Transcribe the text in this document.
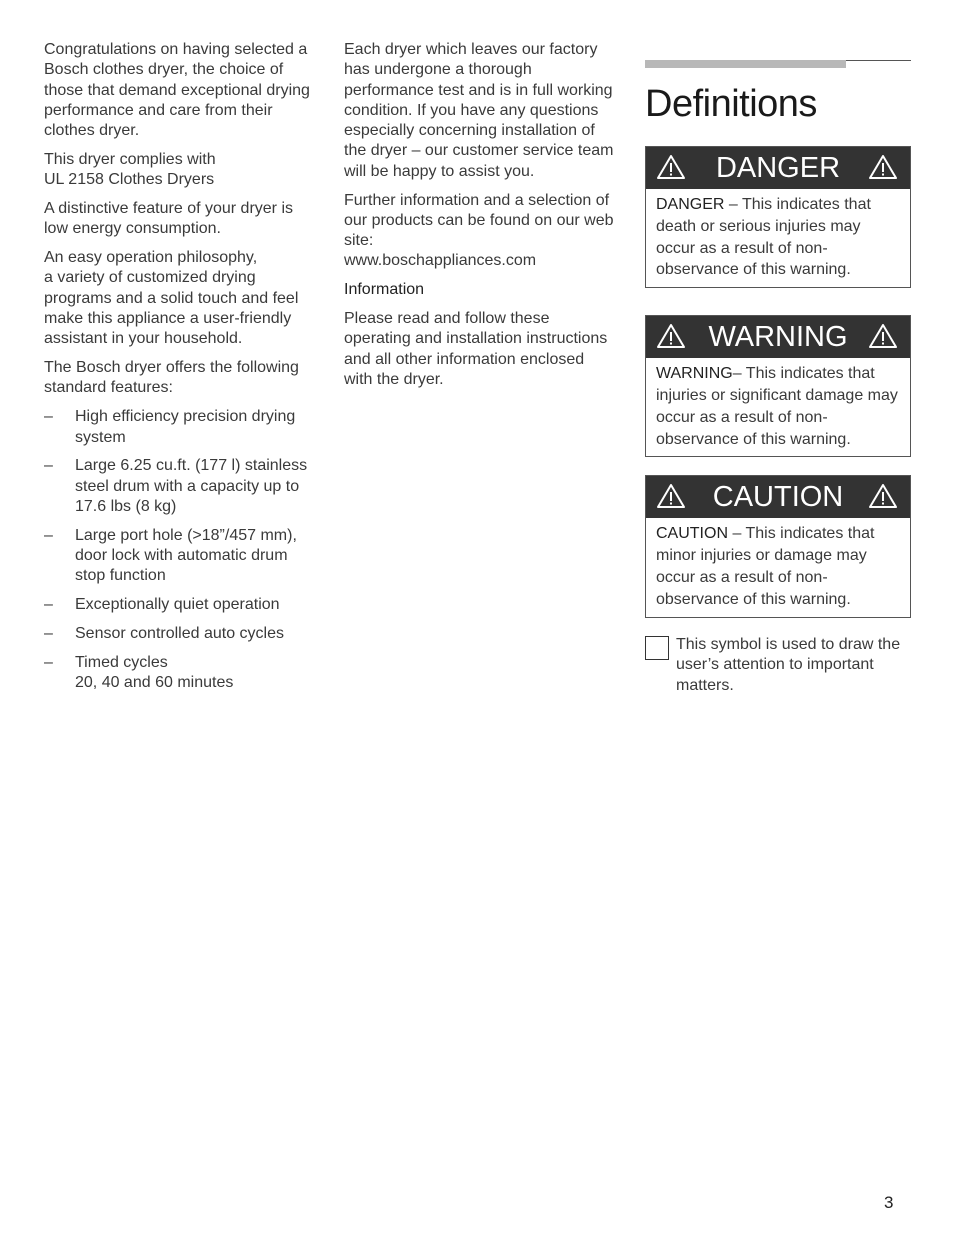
Congratulations on having selected a Bosch clothes dryer, the choice of those that demand exceptional drying performance and care from their clothes dryer.

This dryer complies with
UL 2158 Clothes Dryers

A distinctive feature of your dryer is low energy consumption.

An easy operation philosophy,
a variety of customized drying programs and a solid touch and feel make this appliance a user-friendly assistant in your household.

The Bosch dryer offers the following standard features:

– High efficiency precision drying system
– Large 6.25 cu.ft. (177 l) stainless steel drum with a capacity up to 17.6 lbs (8 kg)
– Large port hole (>18”/457 mm), door lock with automatic drum stop function
– Exceptionally quiet operation
– Sensor controlled auto cycles
– Timed cycles
20, 40 and 60 minutes

Each dryer which leaves our factory has undergone a thorough performance test and is in full working condition. If you have any questions especially concerning installation of the dryer – our customer service team will be happy to assist you.

Further information and a selection of our products can be found on our web site:
www.boschappliances.com

Information

Please read and follow these operating and installation instructions and all other information enclosed with the dryer.

Definitions
DANGER
DANGER – This indicates that death or serious injuries may occur as a result of non-observance of this warning.
WARNING
WARNING– This indicates that injuries or significant damage may occur as a result of non-observance of this warning.
CAUTION
CAUTION – This indicates that minor injuries or damage may occur as a result of non-observance of this warning.
This symbol is used to draw the user’s attention to important matters.
3
